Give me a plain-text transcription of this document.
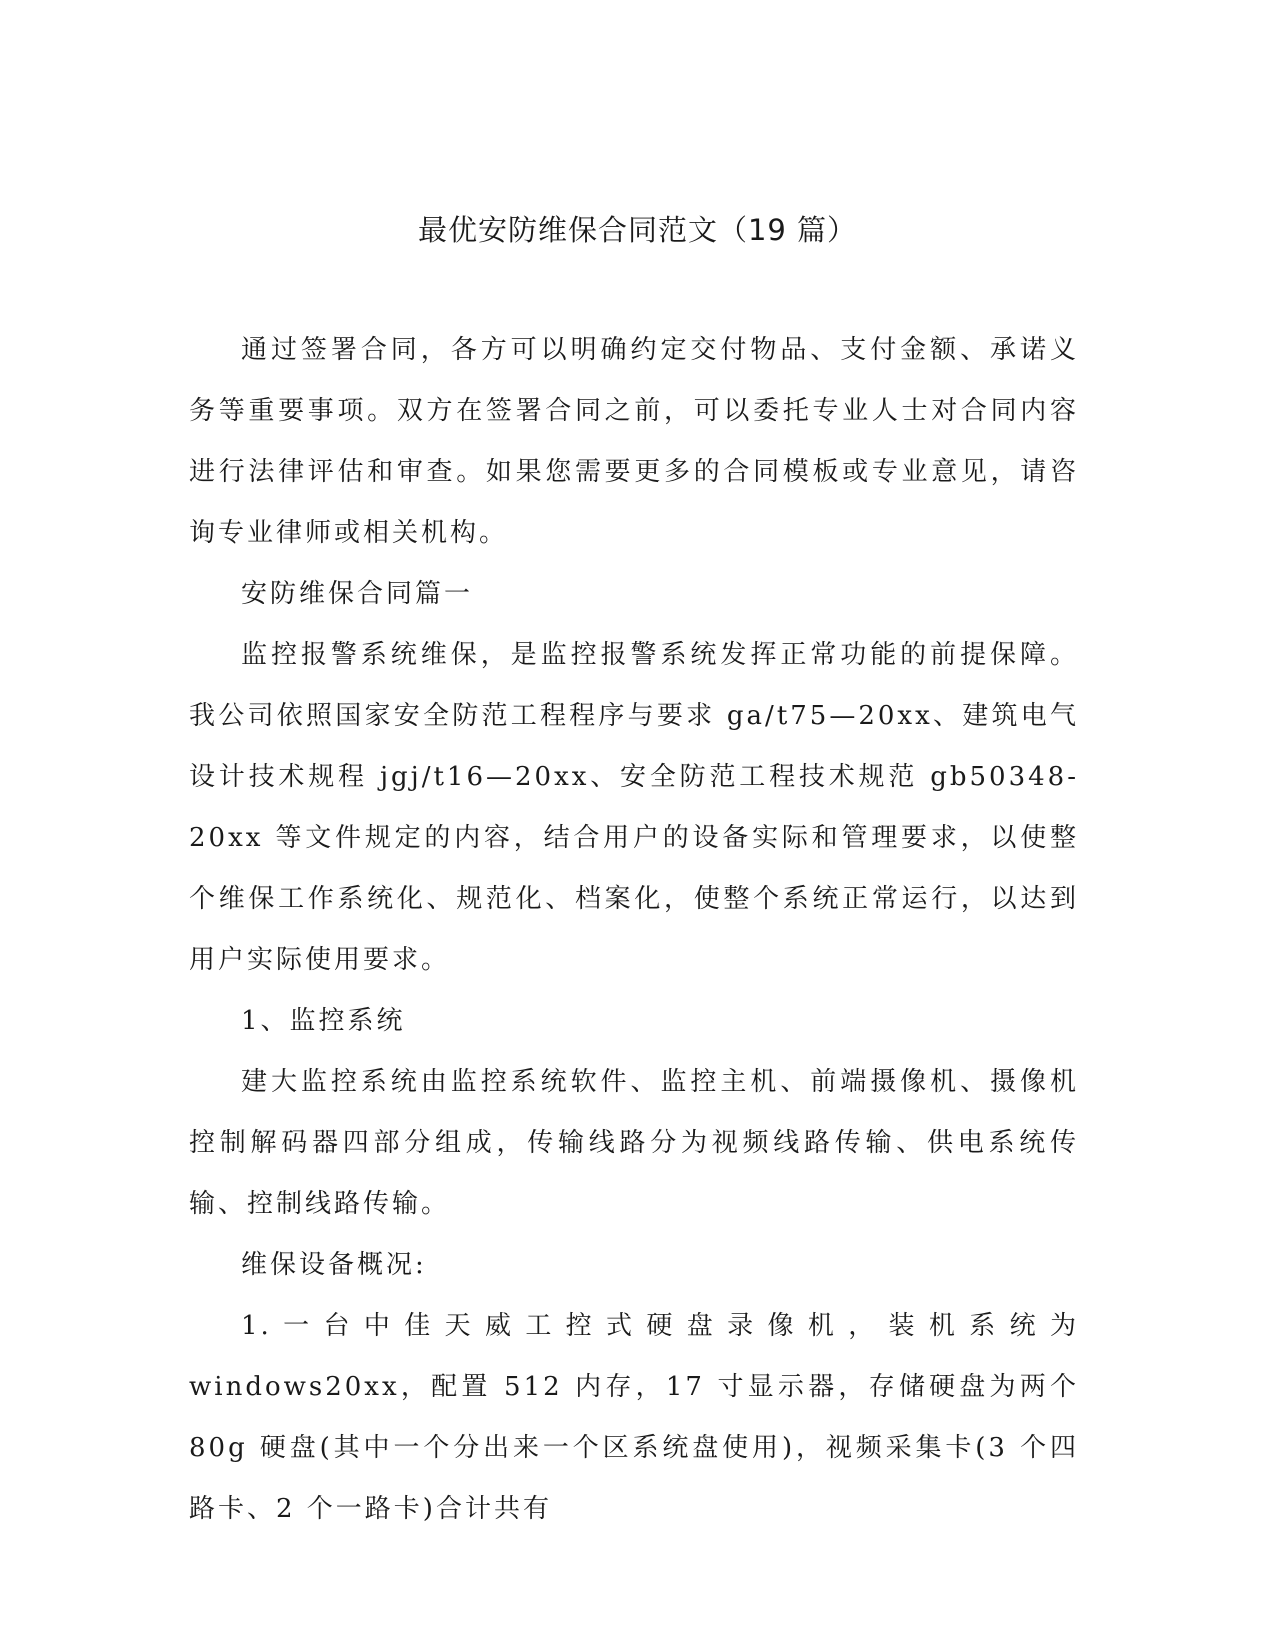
最优安防维保合同范文（19 篇）

通过签署合同，各方可以明确约定交付物品、支付金额、承诺义务等重要事项。双方在签署合同之前，可以委托专业人士对合同内容进行法律评估和审查。如果您需要更多的合同模板或专业意见，请咨询专业律师或相关机构。

安防维保合同篇一

监控报警系统维保，是监控报警系统发挥正常功能的前提保障。我公司依照国家安全防范工程程序与要求 ga/t75—20xx、建筑电气设计技术规程 jgj/t16—20xx、安全防范工程技术规范 gb50348-20xx 等文件规定的内容，结合用户的设备实际和管理要求，以使整个维保工作系统化、规范化、档案化，使整个系统正常运行，以达到用户实际使用要求。

1、监控系统

建大监控系统由监控系统软件、监控主机、前端摄像机、摄像机控制解码器四部分组成，传输线路分为视频线路传输、供电系统传输、控制线路传输。

维保设备概况:

1.一台中佳天威工控式硬盘录像机，装机系统为 windows20xx，配置 512 内存，17 寸显示器，存储硬盘为两个 80g 硬盘(其中一个分出来一个区系统盘使用)，视频采集卡(3 个四路卡、2 个一路卡)合计共有
